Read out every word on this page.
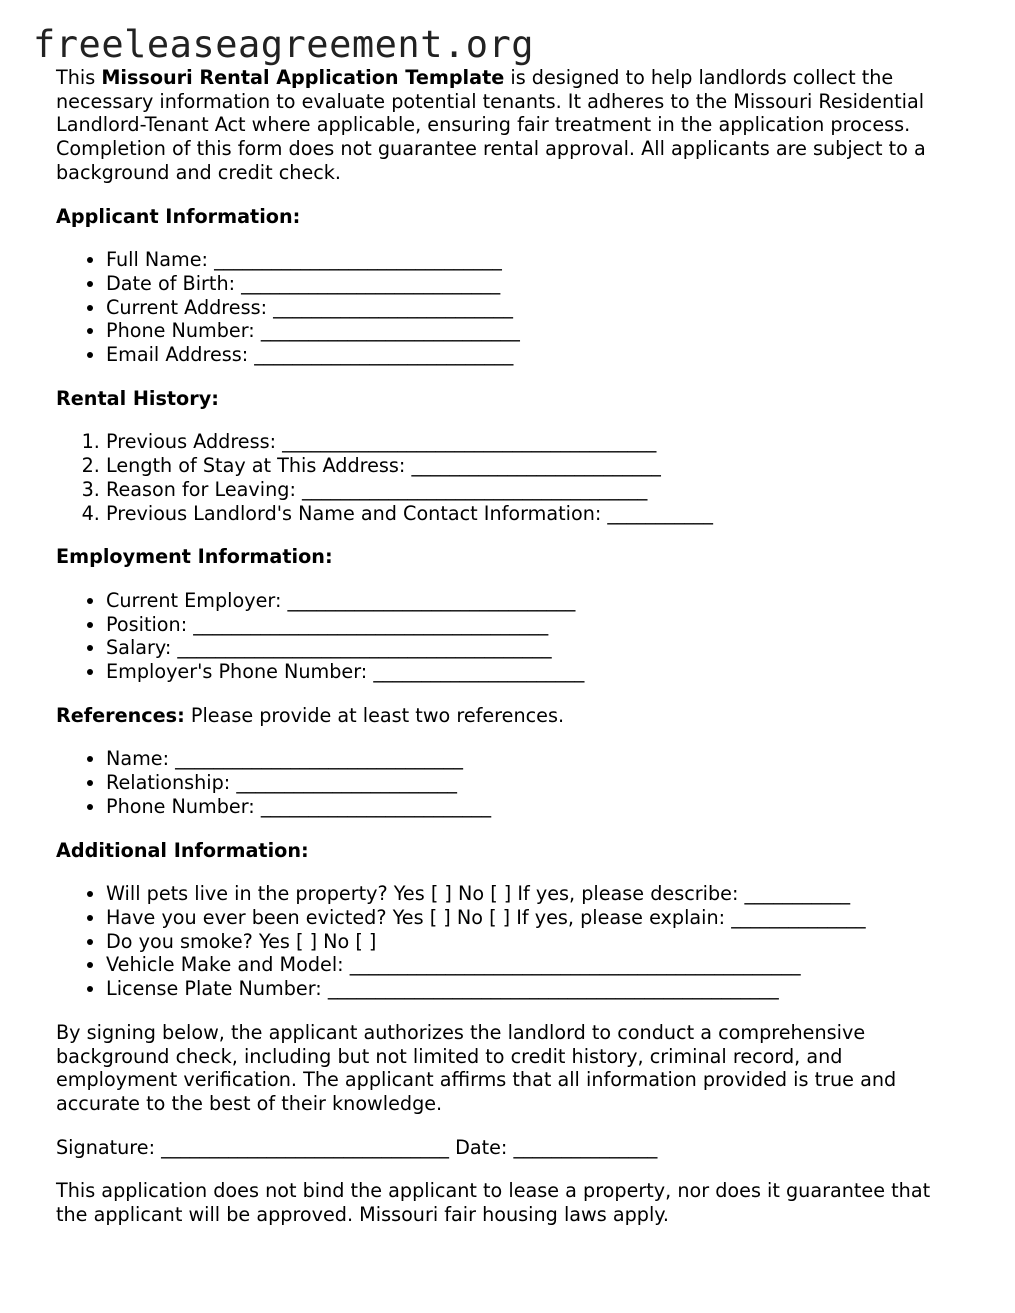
freeleaseagreement.org

This Missouri Rental Application Template is designed to help landlords collect the necessary information to evaluate potential tenants. It adheres to the Missouri Residential Landlord-Tenant Act where applicable, ensuring fair treatment in the application process. Completion of this form does not guarantee rental approval. All applicants are subject to a background and credit check.

Applicant Information:
• Full Name: ______________________________
• Date of Birth: ___________________________
• Current Address: _________________________
• Phone Number: ___________________________
• Email Address: ___________________________
Rental History:
1. Previous Address: _______________________________________
2. Length of Stay at This Address: __________________________
3. Reason for Leaving: ____________________________________
4. Previous Landlord's Name and Contact Information: ___________
Employment Information:
• Current Employer: ______________________________
• Position: _____________________________________
• Salary: _______________________________________
• Employer's Phone Number: ______________________

References: Please provide at least two references.

• Name: ______________________________
• Relationship: _______________________
• Phone Number: ________________________
Additional Information:
• Will pets live in the property? Yes [ ] No [ ] If yes, please describe: ___________
• Have you ever been evicted? Yes [ ] No [ ] If yes, please explain: ______________
• Do you smoke? Yes [ ] No [ ]
• Vehicle Make and Model: _______________________________________________
• License Plate Number: _______________________________________________

By signing below, the applicant authorizes the landlord to conduct a comprehensive background check, including but not limited to credit history, criminal record, and employment verification. The applicant affirms that all information provided is true and accurate to the best of their knowledge.

Signature: ______________________________ Date: _______________

This application does not bind the applicant to lease a property, nor does it guarantee that the applicant will be approved. Missouri fair housing laws apply.
